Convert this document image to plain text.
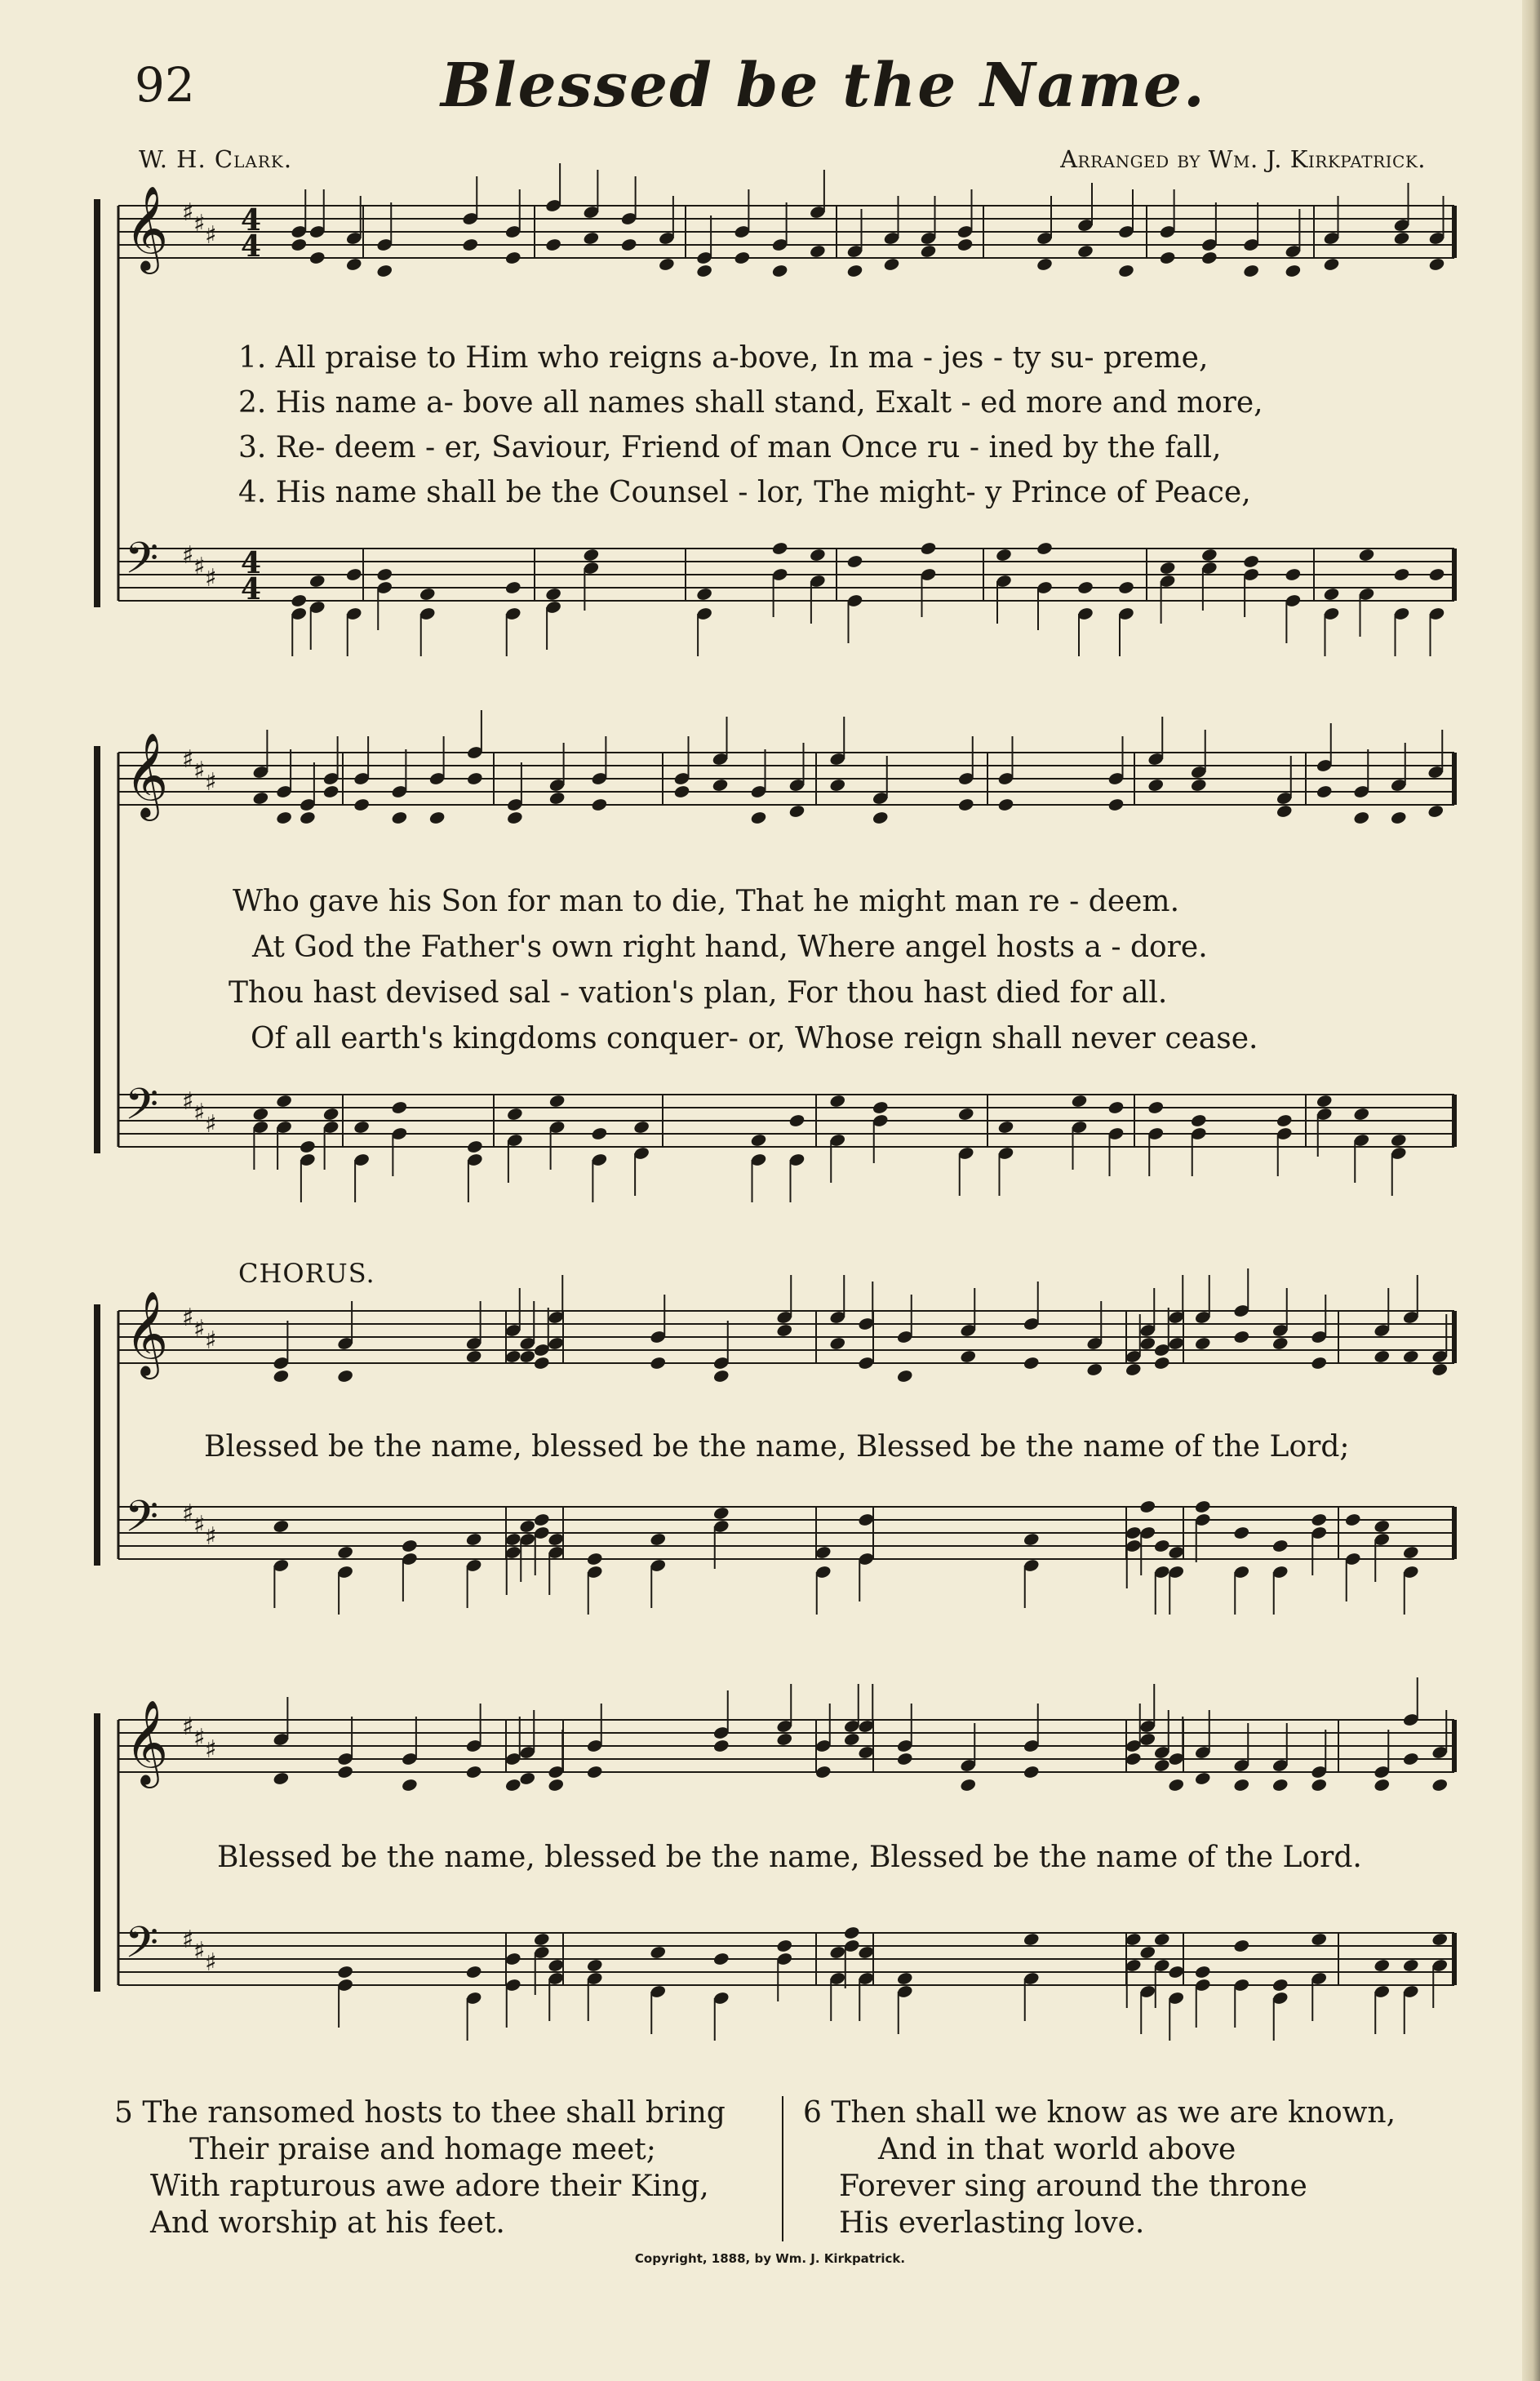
92	Blessed be the Name.
W. H. Clark.	Arranged by Wm. J. Kirkpatrick.
𝄞 ♯ ♯ ♯ 4
4
𝄢 ♯ ♯ ♯ 4
4
𝄞 ♯ ♯ ♯
𝄢 ♯ ♯ ♯
𝄞 ♯ ♯ ♯
𝄢 ♯ ♯ ♯
𝄞 ♯ ♯ ♯
𝄢 ♯ ♯ ♯
1. All praise to Him who reigns a-bove, In ma - jes - ty su- preme,
2. His name a- bove all names shall stand, Exalt - ed more and more,
3. Re- deem - er, Saviour, Friend of man Once ru - ined by the fall,
4. His name shall be the Counsel - lor, The might- y Prince of Peace,
Who gave his Son for man to die, That he might man re - deem.
At God the Father's own right hand, Where angel hosts a - dore.
Thou hast devised sal - vation's plan, For thou hast died for all.
Of all earth's kingdoms conquer- or, Whose reign shall never cease.
CHORUS.
Blessed be the name, blessed be the name, Blessed be the name of the Lord;
Blessed be the name, blessed be the name, Blessed be the name of the Lord.
5 The ransomed hosts to thee shall bring
Their praise and homage meet;
With rapturous awe adore their King,
And worship at his feet.
6 Then shall we know as we are known,
And in that world above
Forever sing around the throne
His everlasting love.
Copyright, 1888, by Wm. J. Kirkpatrick.
